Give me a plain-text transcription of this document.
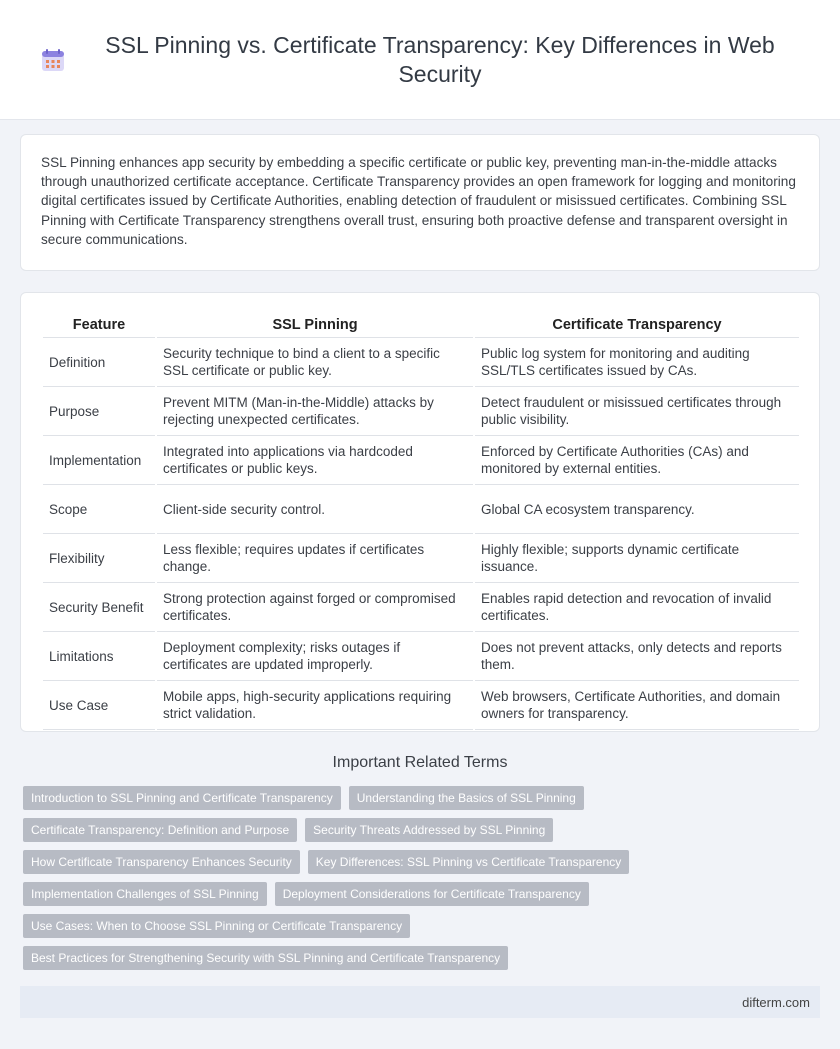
SSL Pinning vs. Certificate Transparency: Key Differences in Web Security

SSL Pinning enhances app security by embedding a specific certificate or public key, preventing man-in-the-middle attacks through unauthorized certificate acceptance. Certificate Transparency provides an open framework for logging and monitoring digital certificates issued by Certificate Authorities, enabling detection of fraudulent or misissued certificates. Combining SSL Pinning with Certificate Transparency strengthens overall trust, ensuring both proactive defense and transparent oversight in secure communications.

Feature		SSL Pinning		Certificate Transparency
Definition		Security technique to bind a client to a specific SSL certificate or public key.		Public log system for monitoring and auditing SSL/TLS certificates issued by CAs.
Purpose		Prevent MITM (Man-in-the-Middle) attacks by rejecting unexpected certificates.		Detect fraudulent or misissued certificates through public visibility.
Implementation		Integrated into applications via hardcoded certificates or public keys.		Enforced by Certificate Authorities (CAs) and monitored by external entities.
Scope		Client-side security control.		Global CA ecosystem transparency.
Flexibility		Less flexible; requires updates if certificates change.		Highly flexible; supports dynamic certificate issuance.
Security Benefit		Strong protection against forged or compromised certificates.		Enables rapid detection and revocation of invalid certificates.
Limitations		Deployment complexity; risks outages if certificates are updated improperly.		Does not prevent attacks, only detects and reports them.
Use Case		Mobile apps, high-security applications requiring strict validation.		Web browsers, Certificate Authorities, and domain owners for transparency.
Important Related Terms
Introduction to SSL Pinning and Certificate Transparency	Understanding the Basics of SSL Pinning
Certificate Transparency: Definition and Purpose	Security Threats Addressed by SSL Pinning
How Certificate Transparency Enhances Security	Key Differences: SSL Pinning vs Certificate Transparency
Implementation Challenges of SSL Pinning	Deployment Considerations for Certificate Transparency
Use Cases: When to Choose SSL Pinning or Certificate Transparency
Best Practices for Strengthening Security with SSL Pinning and Certificate Transparency
difterm.com
